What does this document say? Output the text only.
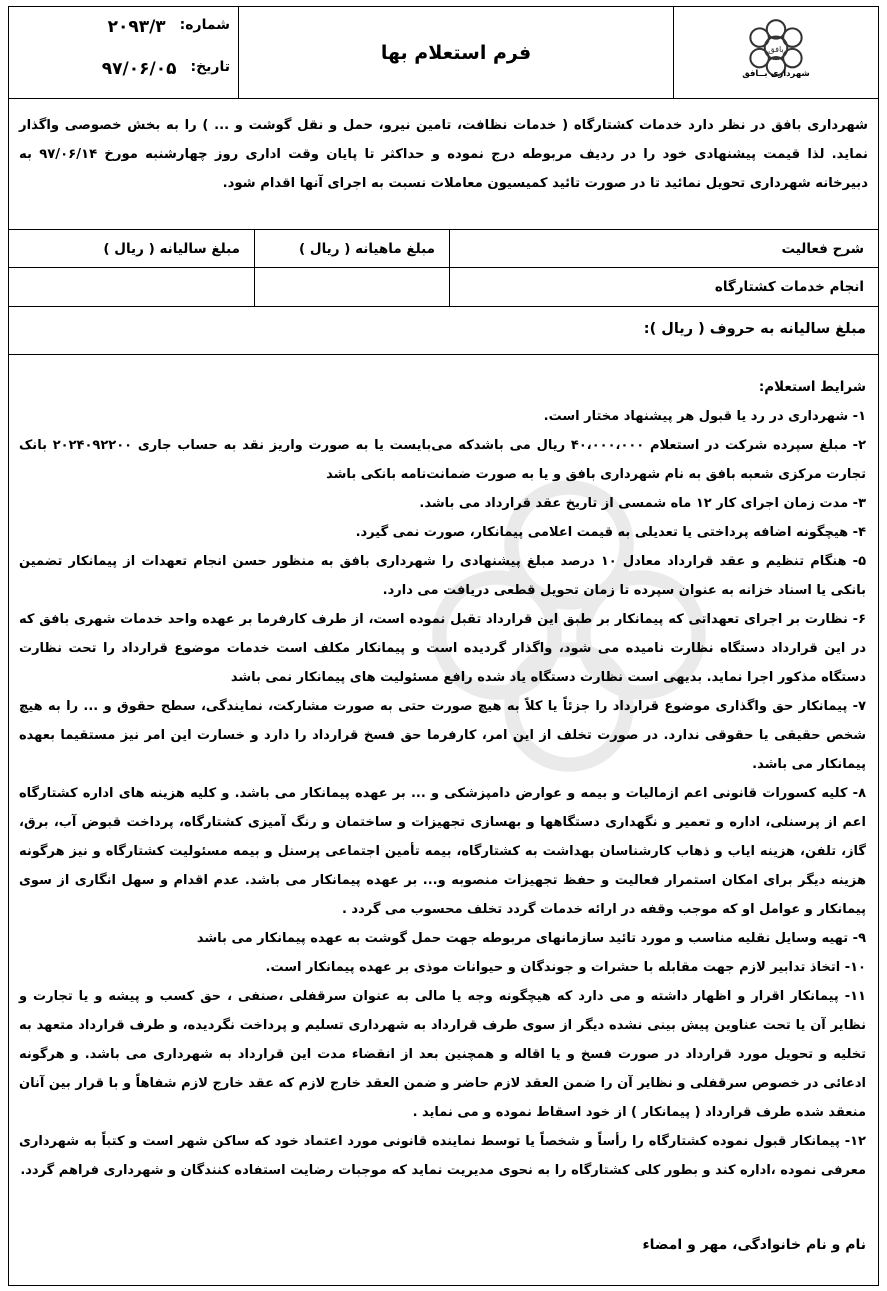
شماره:
۲۰۹۳/۳
تاریخ:
۹۷/۰۶/۰۵
فرم استعلام بها	بافق
شهرداری بــافق
شهرداری بافق در نظر دارد خدمات کشتارگاه ( خدمات نظافت، تامین نیرو، حمل و نقل گوشت و ... ) را به بخش خصوصی واگذار نماید. لذا قیمت پیشنهادی خود را در ردیف مربوطه درج نموده و حداکثر تا پایان وقت اداری روز چهارشنبه مورخ ۹۷/۰۶/۱۴ به دبیرخانه شهرداری تحویل نمائید تا در صورت تائید کمیسیون معاملات نسبت به اجرای آنها اقدام شود.
شرح فعالیت	مبلغ ماهیانه ( ریال )	مبلغ سالیانه ( ریال )
انجام خدمات کشتارگاه		
مبلغ سالیانه به حروف ( ریال ):

شرایط استعلام:

۱- شهرداری در رد یا قبول هر پیشنهاد مختار است.

۲- مبلغ سپرده شرکت در استعلام ۴۰،۰۰۰،۰۰۰ ریال می باشدکه می‌بایست یا به صورت واریز نقد به حساب جاری ۲۰۲۴۰۹۲۲۰۰ بانک تجارت مرکزی شعبه بافق به نام شهرداری بافق و یا به صورت ضمانت‌نامه بانکی باشد

۳- مدت زمان اجرای کار ۱۲ ماه شمسی از تاریخ عقد قرارداد می باشد.

۴- هیچگونه اضافه پرداختی یا تعدیلی به قیمت اعلامی پیمانکار، صورت نمی گیرد.

۵- هنگام تنظیم و عقد قرارداد معادل ۱۰ درصد مبلغ پیشنهادی را شهرداری بافق به منظور حسن انجام تعهدات از پیمانکار تضمین بانکی یا اسناد خزانه به عنوان سپرده تا زمان تحویل قطعی دریافت می دارد.

۶- نظارت بر اجرای تعهداتی که پیمانکار بر طبق این قرارداد تقبل نموده است، از طرف کارفرما بر عهده واحد خدمات شهری بافق که در این قرارداد دستگاه نظارت نامیده می شود، واگذار گردیده است و پیمانکار مکلف است خدمات موضوع قرارداد را تحت نظارت دستگاه مذکور اجرا نماید. بدیهی است نظارت دستگاه یاد شده رافع مسئولیت های پیمانکار نمی باشد

۷- پیمانکار حق واگذاری موضوع قرارداد را جزئاً یا کلاً به هیچ صورت حتی به صورت مشارکت، نمایندگی، سطح حقوق و ... را به هیچ شخص حقیقی یا حقوقی ندارد. در صورت تخلف از این امر، کارفرما حق فسخ قرارداد را دارد و خسارت این امر نیز مستقیما بعهده پیمانکار می باشد.

۸- کلیه کسورات قانونی اعم ازمالیات و بیمه و عوارض دامپزشکی و ... بر عهده پیمانکار می باشد. و کلیه هزینه های اداره کشتارگاه اعم از پرسنلی، اداره و تعمیر و نگهداری دستگاهها و بهسازی تجهیزات و ساختمان و رنگ آمیزی کشتارگاه، پرداخت قبوض آب، برق، گاز، تلفن، هزینه ایاب و ذهاب کارشناسان بهداشت به کشتارگاه، بیمه تأمین اجتماعی پرسنل و بیمه مسئولیت کشتارگاه و نیز هرگونه هزینه دیگر برای امکان استمرار فعالیت و حفظ تجهیزات منصوبه و... بر عهده پیمانکار می باشد. عدم اقدام و سهل انگاری از سوی پیمانکار و عوامل او که موجب وقفه در ارائه خدمات گردد تخلف محسوب می گردد .

۹- تهیه وسایل نقلیه مناسب و مورد تائید سازمانهای مربوطه جهت حمل گوشت به عهده پیمانکار می باشد

۱۰- اتخاذ تدابیر لازم جهت مقابله با حشرات و جوندگان و حیوانات موذی بر عهده پیمانکار است.

۱۱- پیمانکار اقرار و اظهار داشته و می دارد که هیچگونه وجه یا مالی به عنوان سرقفلی ،صنفی ، حق کسب و پیشه و یا تجارت و نظایر آن یا تحت عناوین پیش بینی نشده دیگر از سوی طرف قرارداد به شهرداری تسلیم و پرداخت نگردیده، و طرف قرارداد متعهد به تخلیه و تحویل مورد قرارداد در صورت فسخ و یا اقاله و همچنین بعد از انقضاء مدت این قرارداد به شهرداری می باشد. و هرگونه ادعائی در خصوص سرقفلی و نظایر آن را ضمن العقد لازم حاضر و ضمن العقد خارج لازم که عقد خارج لازم شفاهاً و با قرار بین آنان منعقد شده طرف قرارداد ( پیمانکار ) از خود اسقاط نموده و می نماید .

۱۲- پیمانکار قبول نموده کشتارگاه را رأساً و شخصاً یا توسط نماینده قانونی مورد اعتماد خود که ساکن شهر است و کتباً به شهرداری معرفی نموده ،اداره کند و بطور کلی کشتارگاه را به نحوی مدیریت نماید که موجبات رضایت استفاده کنندگان و شهرداری فراهم گردد.

نام و نام خانوادگی، مهر و امضاء
